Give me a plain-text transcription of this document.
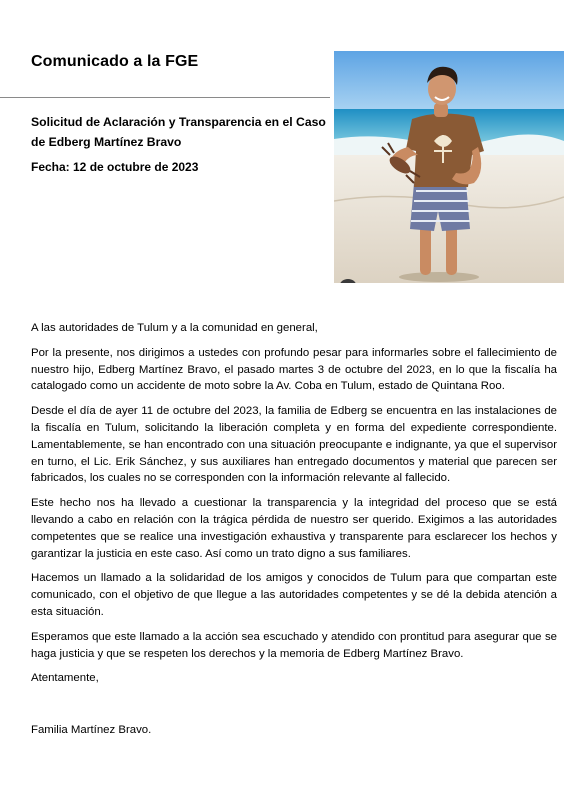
Comunicado a la FGE
Solicitud de Aclaración y Transparencia en el Caso de Edberg Martínez Bravo
Fecha: 12 de octubre de 2023

A las autoridades de Tulum y a la comunidad en general,

Por la presente, nos dirigimos a ustedes con profundo pesar para informarles sobre el fallecimiento de nuestro hijo, Edberg Martínez Bravo, el pasado martes 3 de octubre del 2023, en lo que la fiscalía ha catalogado como un accidente de moto sobre la Av. Coba en Tulum, estado de Quintana Roo.

Desde el día de ayer 11 de octubre del 2023, la familia de Edberg se encuentra en las instalaciones de la fiscalía en Tulum, solicitando la liberación completa y en forma del expediente correspondiente. Lamentablemente, se han encontrado con una situación preocupante e indignante, ya que el supervisor en turno, el Lic. Erik Sánchez, y sus auxiliares han entregado documentos y material que parecen ser fabricados, los cuales no se corresponden con la información relevante al fallecido.

Este hecho nos ha llevado a cuestionar la transparencia y la integridad del proceso que se está llevando a cabo en relación con la trágica pérdida de nuestro ser querido. Exigimos a las autoridades competentes que se realice una investigación exhaustiva y transparente para esclarecer los hechos y garantizar la justicia en este caso. Así como un trato digno a sus familiares.

Hacemos un llamado a la solidaridad de los amigos y conocidos de Tulum para que compartan este comunicado, con el objetivo de que llegue a las autoridades competentes y se dé la debida atención a esta situación.

Esperamos que este llamado a la acción sea escuchado y atendido con prontitud para asegurar que se haga justicia y que se respeten los derechos y la memoria de Edberg Martínez Bravo.

Atentamente,

Familia Martínez Bravo.
